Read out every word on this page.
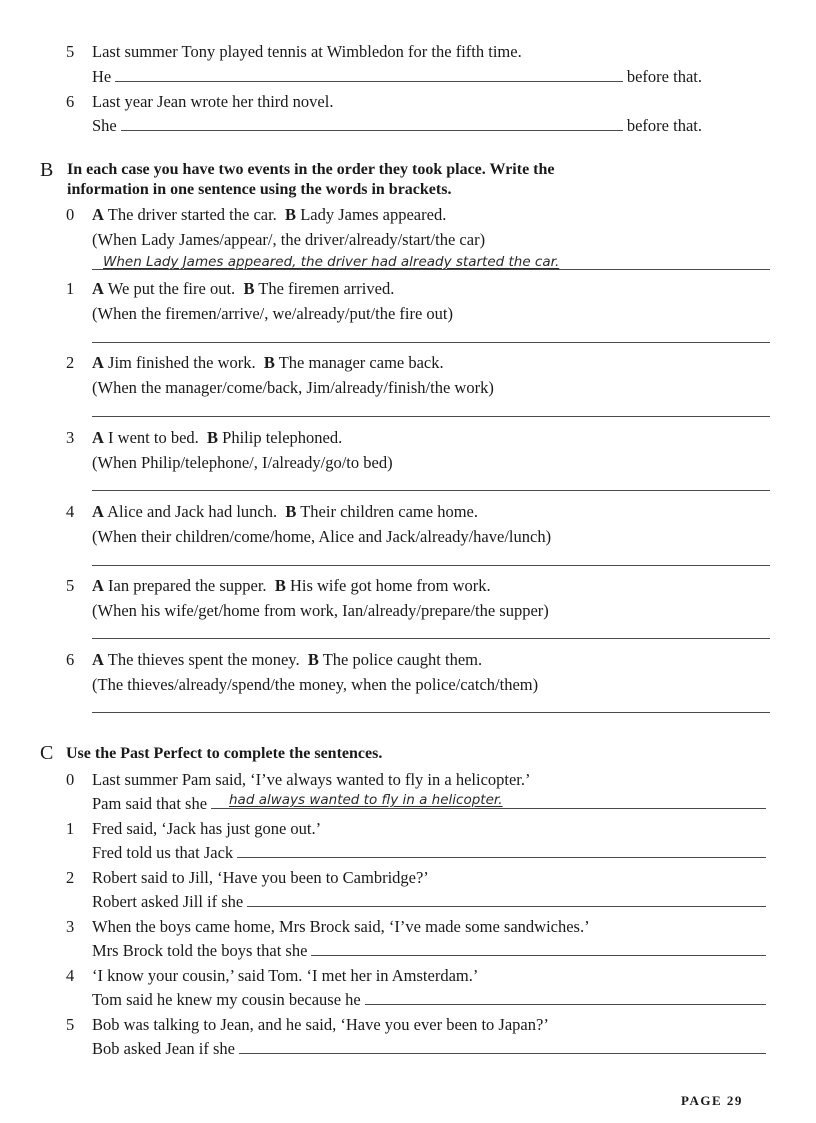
5 Last summer Tony played tennis at Wimbledon for the fifth time.
He	before that.
6 Last year Jean wrote her third novel.
She	before that.
B In each case you have two events in the order they took place. Write the
information in one sentence using the words in brackets.
0 A The driver started the car. B Lady James appeared.
(When Lady James/appear/, the driver/already/start/the car)
When Lady James appeared, the driver had already started the car.
1 A We put the fire out. B The firemen arrived.
(When the firemen/arrive/, we/already/put/the fire out)
2 A Jim finished the work. B The manager came back.
(When the manager/come/back, Jim/already/finish/the work)
3 A I went to bed. B Philip telephoned.
(When Philip/telephone/, I/already/go/to bed)
4 A Alice and Jack had lunch. B Their children came home.
(When their children/come/home, Alice and Jack/already/have/lunch)
5 A Ian prepared the supper. B His wife got home from work.
(When his wife/get/home from work, Ian/already/prepare/the supper)
6 A The thieves spent the money. B The police caught them.
(The thieves/already/spend/the money, when the police/catch/them)
C Use the Past Perfect to complete the sentences.
0 Last summer Pam said, ‘I’ve always wanted to fly in a helicopter.’
Pam said that she had always wanted to fly in a helicopter.
1 Fred said, ‘Jack has just gone out.’
Fred told us that Jack
2 Robert said to Jill, ‘Have you been to Cambridge?’
Robert asked Jill if she
3 When the boys came home, Mrs Brock said, ‘I’ve made some sandwiches.’
Mrs Brock told the boys that she
4 ‘I know your cousin,’ said Tom. ‘I met her in Amsterdam.’
Tom said he knew my cousin because he
5 Bob was talking to Jean, and he said, ‘Have you ever been to Japan?’
Bob asked Jean if she
PAGE 29
